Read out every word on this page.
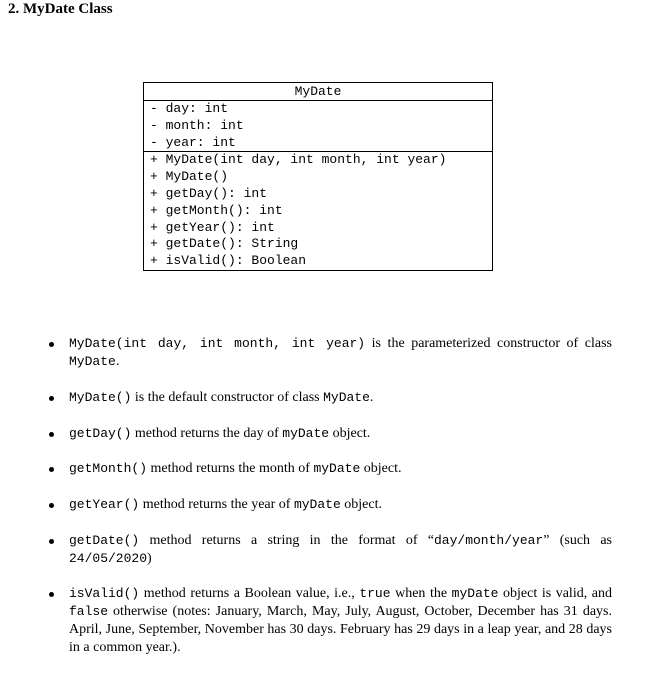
2. MyDate Class
MyDate
- day: int
- month: int
- year: int
+ MyDate(int day, int month, int year)
+ MyDate()
+ getDay(): int
+ getMonth(): int
+ getYear(): int
+ getDate(): String
+ isValid(): Boolean
MyDate(int day, int month, int year) is the parameterized constructor of class MyDate.
MyDate() is the default constructor of class MyDate.
getDay() method returns the day of myDate object.
getMonth() method returns the month of myDate object.
getYear() method returns the year of myDate object.
getDate() method returns a string in the format of “day/month/year” (such as 24/05/2020)
isValid() method returns a Boolean value, i.e., true when the myDate object is valid, and false otherwise (notes: January, March, May, July, August, October, December has 31 days. April, June, September, November has 30 days. February has 29 days in a leap year, and 28 days in a common year.).
